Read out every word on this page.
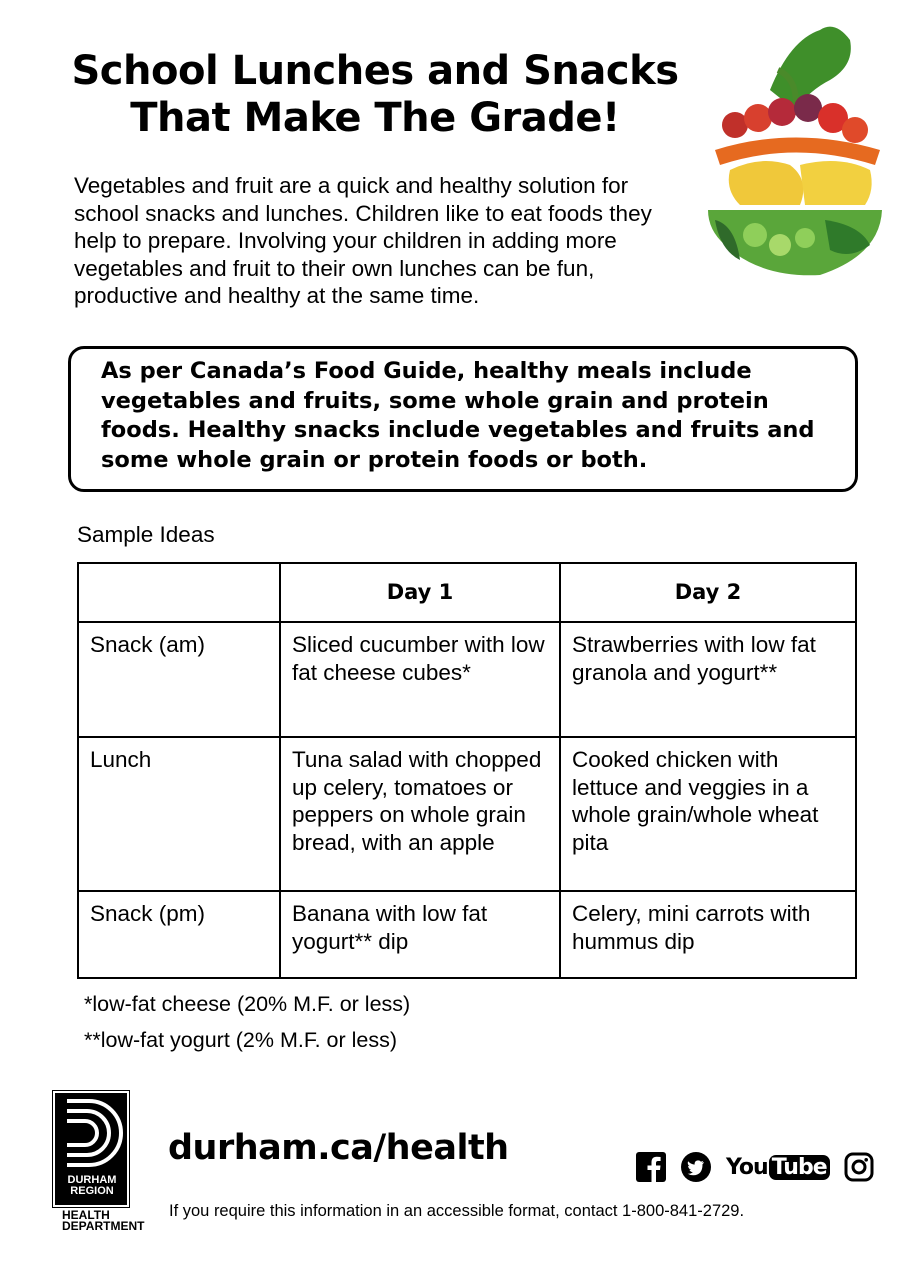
School Lunches and Snacks
That Make The Grade!
Vegetables and fruit are a quick and healthy solution for school snacks and lunches. Children like to eat foods they help to prepare. Involving your children in adding more vegetables and fruit to their own lunches can be fun, productive and healthy at the same time.

As per Canada’s Food Guide, healthy meals include vegetables and fruits, some whole grain and protein foods. Healthy snacks include vegetables and fruits and some whole grain or protein foods or both.

Sample Ideas
	Day 1	Day 2
Snack (am)	Sliced cucumber with low fat cheese cubes*	Strawberries with low fat granola and yogurt**
Lunch	Tuna salad with chopped up celery, tomatoes or peppers on whole grain bread, with an apple	Cooked chicken with lettuce and veggies in a whole grain/whole wheat pita
Snack (pm)	Banana with low fat yogurt** dip	Celery, mini carrots with hummus dip
*low-fat cheese (20% M.F. or less)
**low-fat yogurt (2% M.F. or less)
DURHAM
REGION
HEALTH
DEPARTMENT
durham.ca/health
If you require this information in an accessible format, contact 1-800-841-2729.
You Tube
